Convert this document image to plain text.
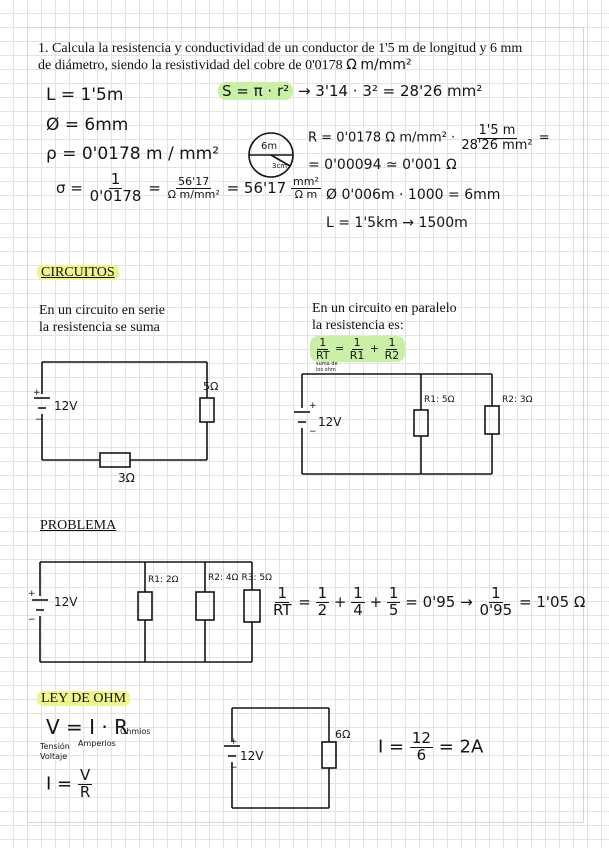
1. Calcula la resistencia y conductividad de un conductor de 1'5 m de longitud y 6 mm
de diámetro, siendo la resistividad del cobre de 0'0178 Ω m/mm²
L = 1'5m
Ø = 6mm
ρ = 0'0178 m / mm²
S = π · r² → 3'14 · 3² = 28'26 mm²
6m
3cm
R = 0'0178 Ω $m/mm^2 \cdot \frac{1'5 m}{\text{28'26 mm²}}$ =
= 0'00094 ≃ 0'001 Ω
Ø 0'006m · 1000 = 6mm
L = 1'5km → 1500m
$\sigma = \frac{1}{0'0178} = \frac{56'17}{\text{Ω m/mm²}} = 56'17 \frac{\text{mm²}}{\text{Ω m}}$
CIRCUITOS
En un circuito en serie
la resistencia se suma
+
−
12V
5Ω
3Ω
En un circuito en paralelo
la resistencia es:
$\frac{1}{RT} = \frac{1}{R1} + \frac{1}{R2}$
suma de
los ohm
+
−
12V
R1: 5Ω	R2: 3Ω
PROBLEMA
+
−
12V
R1: 2Ω	R2: 4Ω R3: 5Ω
$\frac{1}{RT} = \frac{1}{2} + \frac{1}{4} + \frac{1}{5} = 0'95 \to \frac{1}{0'95} = 1'05$ Ω
LEY DE OHM
V = I · R
Ohmios
Amperios
Tensión
Voltaje
$I = \frac{V}{R}$
+
−
12V
6Ω
$I = \frac{12}{6} = 2A$
